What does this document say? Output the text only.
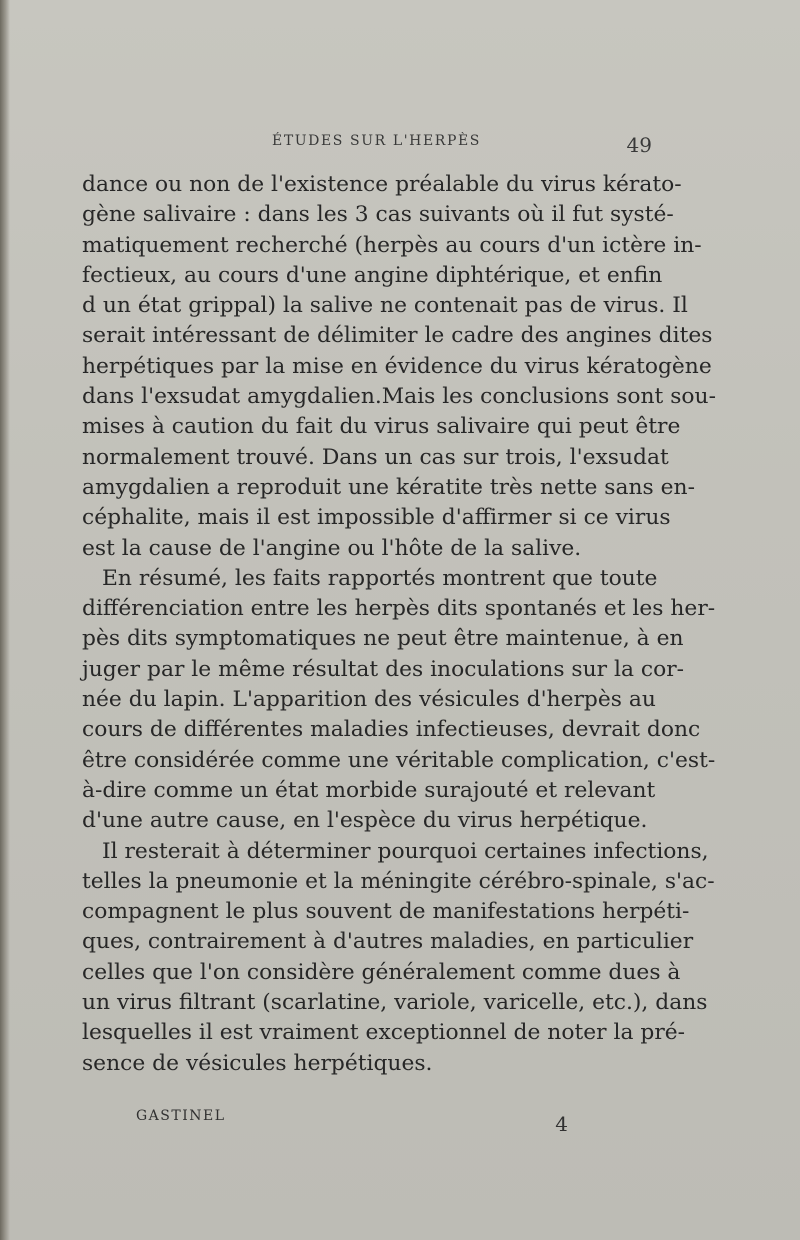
ÉTUDES SUR L'HERPÈS	49
dance ou non de l'existence préalable du virus kérato-
gène salivaire : dans les 3 cas suivants où il fut systé-
matiquement recherché (herpès au cours d'un ictère in-
fectieux, au cours d'une angine diphtérique, et enfin
d un état grippal) la salive ne contenait pas de virus. Il
serait intéressant de délimiter le cadre des angines dites
herpétiques par la mise en évidence du virus kératogène
dans l'exsudat amygdalien.Mais les conclusions sont sou-
mises à caution du fait du virus salivaire qui peut être
normalement trouvé. Dans un cas sur trois, l'exsudat
amygdalien a reproduit une kératite très nette sans en-
céphalite, mais il est impossible d'affirmer si ce virus
est la cause de l'angine ou l'hôte de la salive.
En résumé, les faits rapportés montrent que toute
différenciation entre les herpès dits spontanés et les her-
pès dits symptomatiques ne peut être maintenue, à en
juger par le même résultat des inoculations sur la cor-
née du lapin. L'apparition des vésicules d'herpès au
cours de différentes maladies infectieuses, devrait donc
être considérée comme une véritable complication, c'est-
à-dire comme un état morbide surajouté et relevant
d'une autre cause, en l'espèce du virus herpétique.
Il resterait à déterminer pourquoi certaines infections,
telles la pneumonie et la méningite cérébro-spinale, s'ac-
compagnent le plus souvent de manifestations herpéti-
ques, contrairement à d'autres maladies, en particulier
celles que l'on considère généralement comme dues à
un virus filtrant (scarlatine, variole, varicelle, etc.), dans
lesquelles il est vraiment exceptionnel de noter la pré-
sence de vésicules herpétiques.
GASTINEL	4
